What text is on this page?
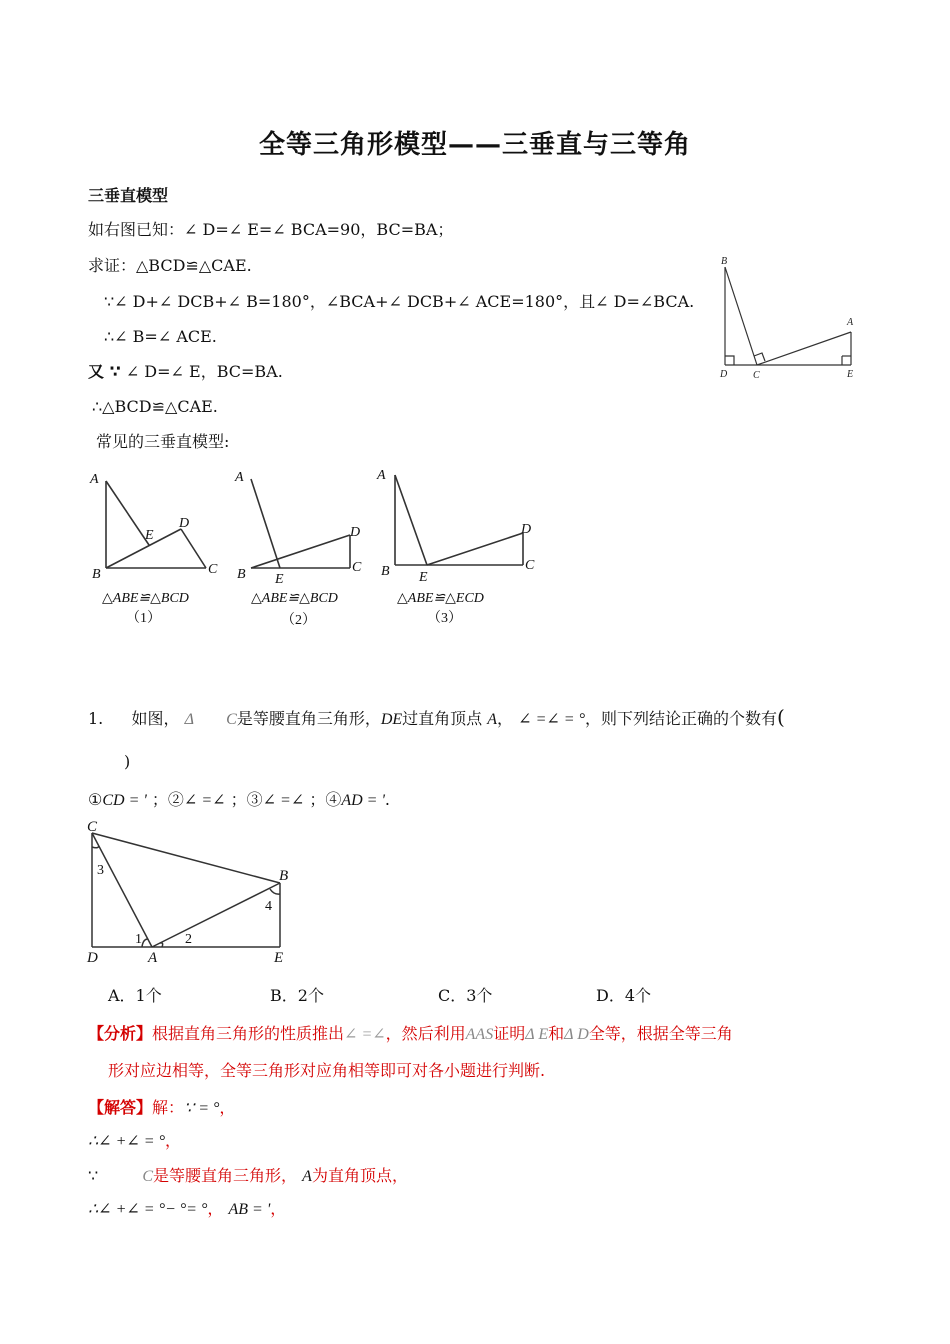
全等三角形模型——三垂直与三等角
三垂直模型
如右图已知：∠ D=∠ E=∠ BCA=90，BC=BA；
求证：△BCD≌△CAE.
∵∠ D+∠ DCB+∠ B=180°，∠BCA+∠ DCB+∠ ACE=180°，且∠ D=∠BCA.
∴∠ B=∠ ACE.
又 ∵ ∠ D=∠ E，BC=BA.
∴△BCD≌△CAE.
常见的三垂直模型:
B
D	C
A
E
A
B	C
D
E
△ABE≌△BCD
（1）
A
B	C
D
E
△ABE≌△BCD
（2）
A
B	C
D
E
△ABE≌△ECD
（3）
1. 如图， Δ C是等腰直角三角形，DE过直角顶点 A， ∠ =∠ = °，则下列结论正确的个数有(
)
①CD = ' ；②∠ =∠ ；③∠ =∠ ；④AD = '.
C
B
D	A	E
1	2
3
4
A．1个	B．2个	C．3个	D．4个
【分析】根据直角三角形的性质推出∠ =∠，然后利用AAS证明Δ E和Δ D全等，根据全等三角
形对应边相等，全等三角形对应角相等即可对各小题进行判断.
【解答】解：∵ = °，
∴∠ +∠ = °，
∵	C是等腰直角三角形， A为直角顶点，
∴∠ +∠ = °− °= °， AB = '，
